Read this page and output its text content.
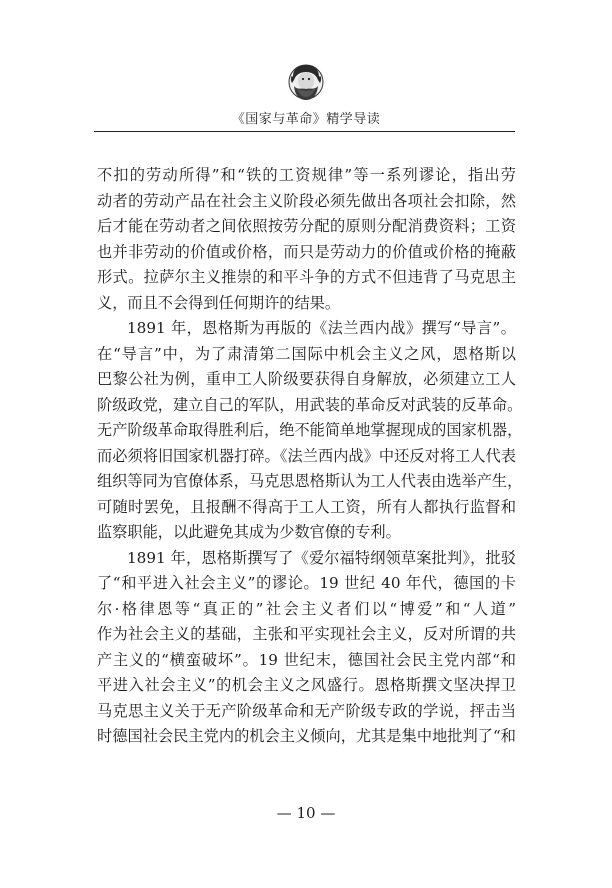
《国家与革命》精学导读
不扣的劳动所得”和“铁的工资规律”等一系列谬论，指出劳
动者的劳动产品在社会主义阶段必须先做出各项社会扣除，然
后才能在劳动者之间依照按劳分配的原则分配消费资料；工资
也并非劳动的价值或价格，而只是劳动力的价值或价格的掩蔽
形式。拉萨尔主义推崇的和平斗争的方式不但违背了马克思主
义，而且不会得到任何期许的结果。
1891 年，恩格斯为再版的《法兰西内战》撰写“导言”。
在“导言”中，为了肃清第二国际中机会主义之风，恩格斯以
巴黎公社为例，重申工人阶级要获得自身解放，必须建立工人
阶级政党，建立自己的军队，用武装的革命反对武装的反革命。
无产阶级革命取得胜利后，绝不能简单地掌握现成的国家机器，
而必须将旧国家机器打碎。《法兰西内战》中还反对将工人代表
组织等同为官僚体系，马克思恩格斯认为工人代表由选举产生，
可随时罢免，且报酬不得高于工人工资，所有人都执行监督和
监察职能，以此避免其成为少数官僚的专利。
1891 年，恩格斯撰写了《爱尔福特纲领草案批判》，批驳
了“和平进入社会主义”的谬论。19 世纪 40 年代，德国的卡
尔·格律恩等“真正的”社会主义者们以“博爱”和“人道”
作为社会主义的基础，主张和平实现社会主义，反对所谓的共
产主义的“横蛮破坏”。19 世纪末，德国社会民主党内部“和
平进入社会主义”的机会主义之风盛行。恩格斯撰文坚决捍卫
马克思主义关于无产阶级革命和无产阶级专政的学说，抨击当
时德国社会民主党内的机会主义倾向，尤其是集中地批判了“和
— 10 —
